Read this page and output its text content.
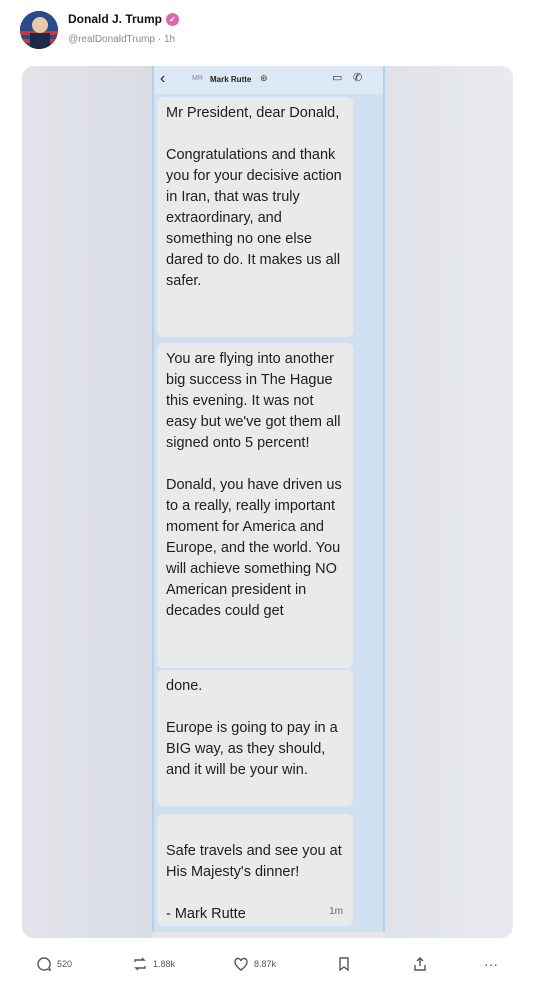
Donald J. Trump ✓
@realDonaldTrump · 1h
‹	MR Mark Rutte ⊛	▭ ✆
Mr President, dear Donald,

Congratulations and thank you for your decisive action in Iran, that was truly extraordinary, and something no one else dared to do. It makes us all safer.
You are flying into another big success in The Hague this evening. It was not easy but we've got them all signed onto 5 percent!

Donald, you have driven us to a really, really important moment for America and Europe, and the world. You will achieve something NO American president in decades could get
done.

Europe is going to pay in a BIG way, as they should, and it will be your win.

Safe travels and see you at His Majesty's dinner!

- Mark Rutte	1m

520	1.88k	8.87k	···
